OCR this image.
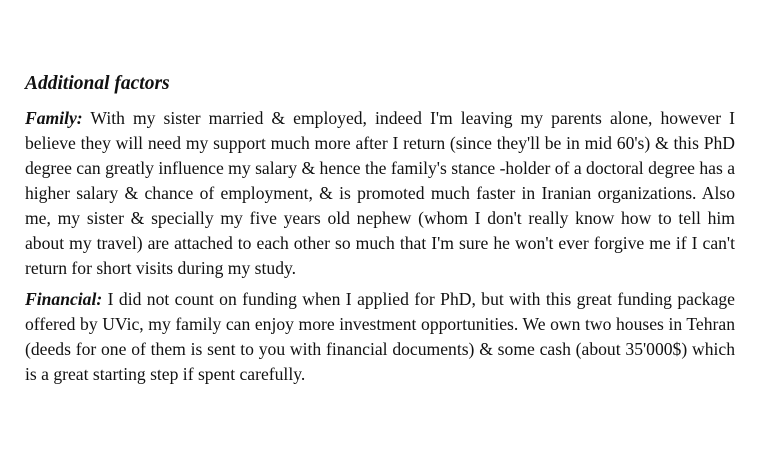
Additional factors

Family: With my sister married & employed, indeed I'm leaving my parents alone, however I believe they will need my support much more after I return (since they'll be in mid 60's) & this PhD degree can greatly influence my salary & hence the family's stance -holder of a doctoral degree has a higher salary & chance of employment, & is promoted much faster in Iranian organizations. Also me, my sister & specially my five years old nephew (whom I don't really know how to tell him about my travel) are attached to each other so much that I'm sure he won't ever forgive me if I can't return for short visits during my study.

Financial: I did not count on funding when I applied for PhD, but with this great funding package offered by UVic, my family can enjoy more investment opportunities. We own two houses in Tehran (deeds for one of them is sent to you with financial documents) & some cash (about 35'000$) which is a great starting step if spent carefully.
